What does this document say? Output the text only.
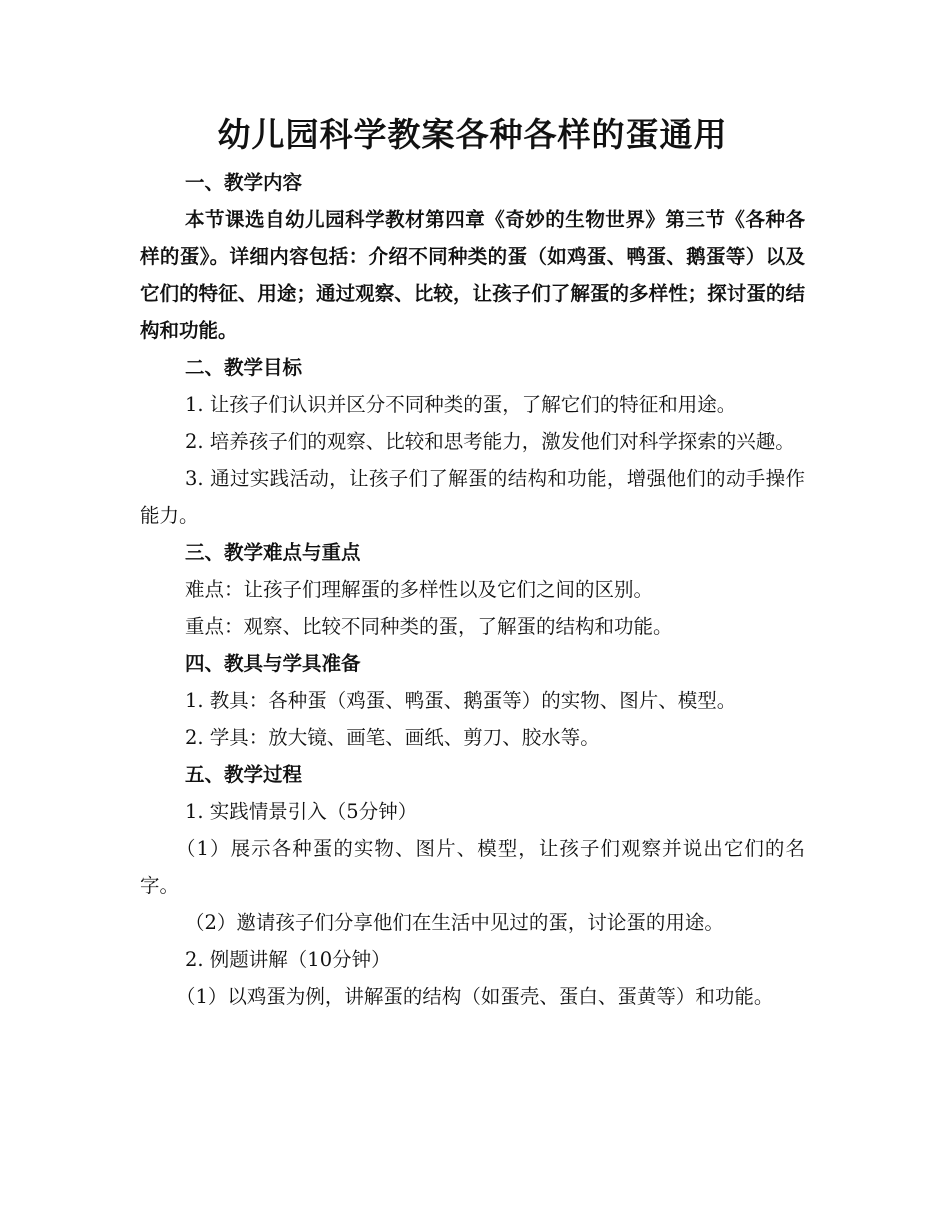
幼儿园科学教案各种各样的蛋通用

一、教学内容

本节课选自幼儿园科学教材第四章《奇妙的生物世界》第三节《各种各样的蛋》。详细内容包括：介绍不同种类的蛋（如鸡蛋、鸭蛋、鹅蛋等）以及它们的特征、用途；通过观察、比较，让孩子们了解蛋的多样性；探讨蛋的结构和功能。

二、教学目标

1. 让孩子们认识并区分不同种类的蛋，了解它们的特征和用途。

2. 培养孩子们的观察、比较和思考能力，激发他们对科学探索的兴趣。

3. 通过实践活动，让孩子们了解蛋的结构和功能，增强他们的动手操作能力。

三、教学难点与重点

难点：让孩子们理解蛋的多样性以及它们之间的区别。

重点：观察、比较不同种类的蛋，了解蛋的结构和功能。

四、教具与学具准备

1. 教具：各种蛋（鸡蛋、鸭蛋、鹅蛋等）的实物、图片、模型。

2. 学具：放大镜、画笔、画纸、剪刀、胶水等。

五、教学过程

1. 实践情景引入（5分钟）

（1）展示各种蛋的实物、图片、模型，让孩子们观察并说出它们的名字。

（2）邀请孩子们分享他们在生活中见过的蛋，讨论蛋的用途。

2. 例题讲解（10分钟）

（1）以鸡蛋为例，讲解蛋的结构（如蛋壳、蛋白、蛋黄等）和功能。
